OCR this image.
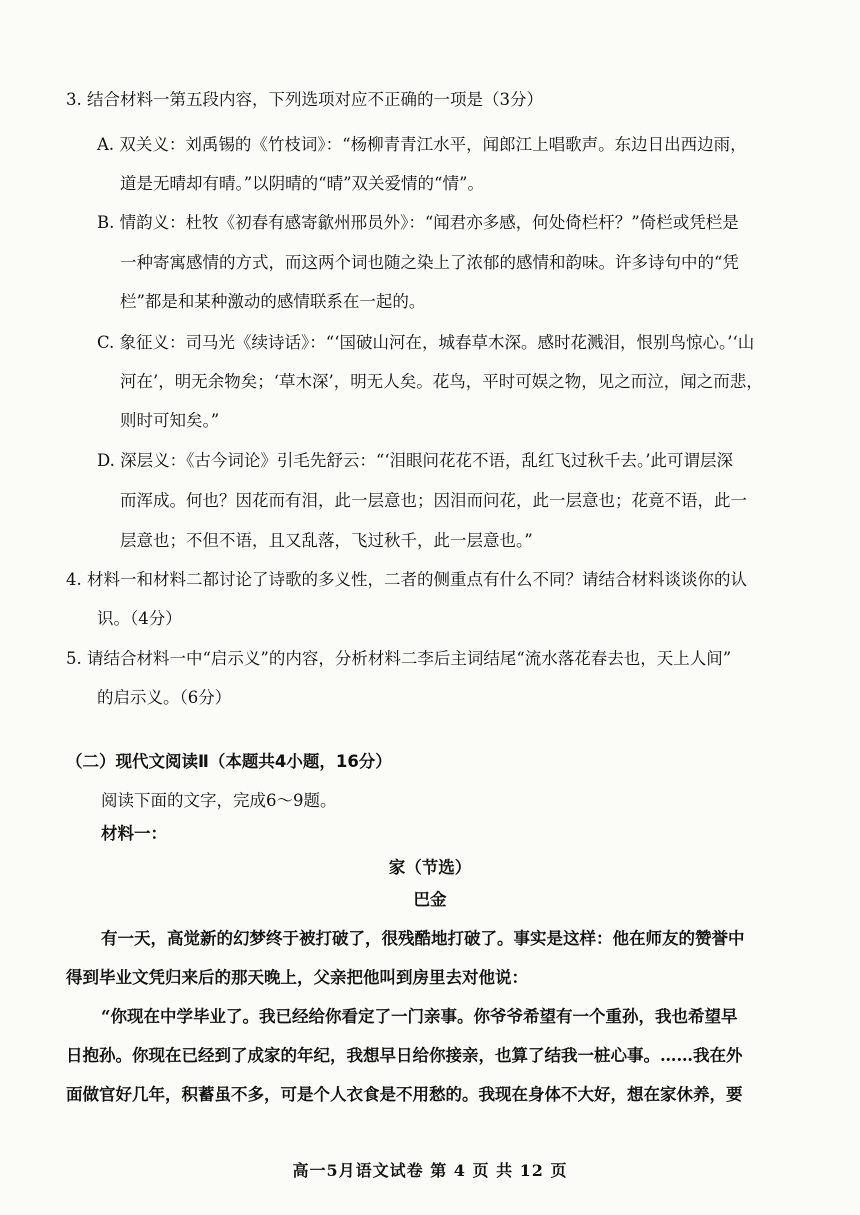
3. 结合材料一第五段内容，下列选项对应不正确的一项是（3分）
A. 双关义：刘禹锡的《竹枝词》：“杨柳青青江水平，闻郎江上唱歌声。东边日出西边雨，
道是无晴却有晴。”以阴晴的“晴”双关爱情的“情”。
B. 情韵义：杜牧《初春有感寄歙州邢员外》：“闻君亦多感，何处倚栏杆？”倚栏或凭栏是
一种寄寓感情的方式，而这两个词也随之染上了浓郁的感情和韵味。许多诗句中的“凭
栏”都是和某种激动的感情联系在一起的。
C. 象征义：司马光《续诗话》：“‘国破山河在，城春草木深。感时花溅泪，恨别鸟惊心。’‘山
河在’，明无余物矣；‘草木深’，明无人矣。花鸟，平时可娱之物，见之而泣，闻之而悲，
则时可知矣。”
D. 深层义：《古今词论》引毛先舒云：“‘泪眼问花花不语，乱红飞过秋千去。’此可谓层深
而浑成。何也？因花而有泪，此一层意也；因泪而问花，此一层意也；花竟不语，此一
层意也；不但不语，且又乱落，飞过秋千，此一层意也。”
4. 材料一和材料二都讨论了诗歌的多义性，二者的侧重点有什么不同？请结合材料谈谈你的认
识。（4分）
5. 请结合材料一中“启示义”的内容，分析材料二李后主词结尾“流水落花春去也，天上人间”
的启示义。（6分）
（二）现代文阅读Ⅱ（本题共4小题，16分）
阅读下面的文字，完成6～9题。
材料一：
家（节选）
巴金
有一天，高觉新的幻梦终于被打破了，很残酷地打破了。事实是这样：他在师友的赞誉中
得到毕业文凭归来后的那天晚上，父亲把他叫到房里去对他说：
“你现在中学毕业了。我已经给你看定了一门亲事。你爷爷希望有一个重孙，我也希望早
日抱孙。你现在已经到了成家的年纪，我想早日给你接亲，也算了结我一桩心事。……我在外
面做官好几年，积蓄虽不多，可是个人衣食是不用愁的。我现在身体不大好，想在家休养，要
高一5月语文试卷 第 4 页 共 12 页
